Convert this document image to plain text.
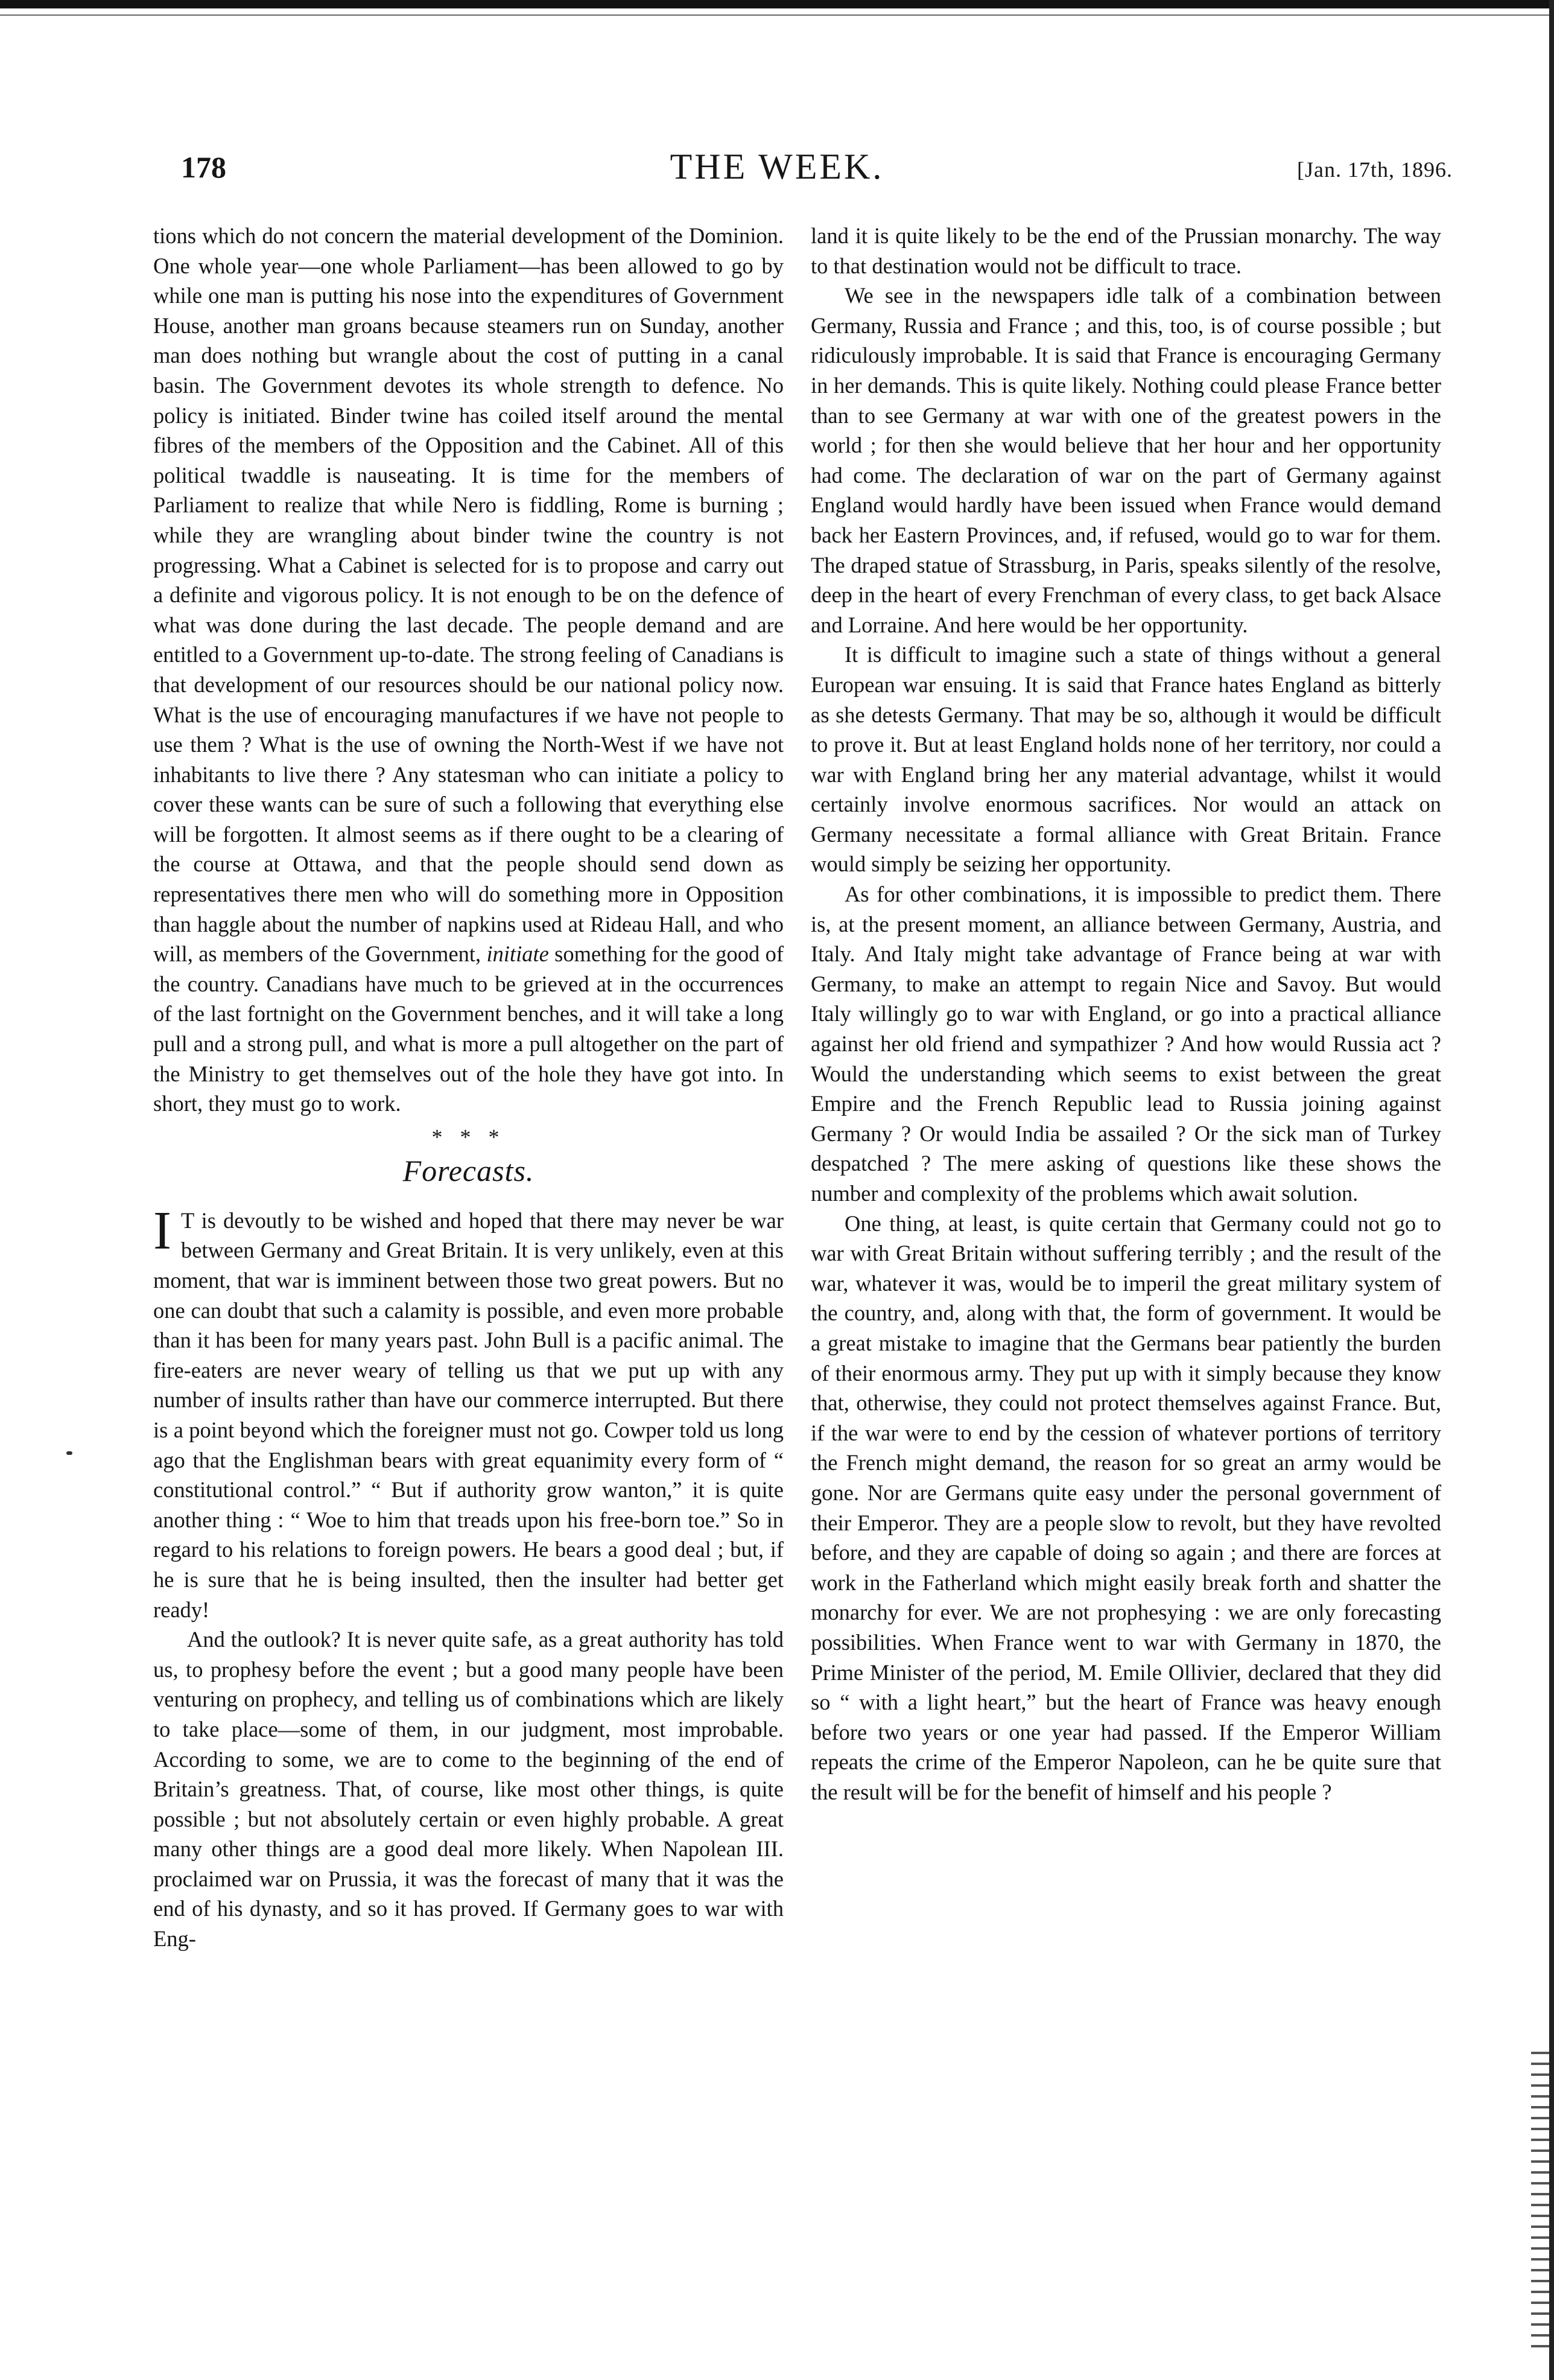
178	THE WEEK.	[Jan. 17th, 1896.

tions which do not concern the material development of the Dominion. One whole year—one whole Parliament—has been allowed to go by while one man is putting his nose into the expenditures of Government House, another man groans because steamers run on Sunday, another man does nothing but wrangle about the cost of putting in a canal basin. The Government devotes its whole strength to defence. No policy is initiated. Binder twine has coiled itself around the mental fibres of the members of the Opposition and the Cabinet. All of this political twaddle is nauseating. It is time for the members of Parliament to realize that while Nero is fiddling, Rome is burning ; while they are wrangling about binder twine the country is not progressing. What a Cabinet is selected for is to propose and carry out a definite and vigorous policy. It is not enough to be on the defence of what was done during the last decade. The people demand and are entitled to a Government up-to-date. The strong feeling of Canadians is that development of our resources should be our national policy now. What is the use of encouraging manufactures if we have not people to use them ? What is the use of owning the North-West if we have not inhabitants to live there ? Any statesman who can initiate a policy to cover these wants can be sure of such a following that everything else will be forgotten. It almost seems as if there ought to be a clearing of the course at Ottawa, and that the people should send down as representatives there men who will do something more in Opposition than haggle about the number of napkins used at Rideau Hall, and who will, as members of the Government, initiate something for the good of the country. Canadians have much to be grieved at in the occurrences of the last fortnight on the Government benches, and it will take a long pull and a strong pull, and what is more a pull altogether on the part of the Ministry to get themselves out of the hole they have got into. In short, they must go to work.

* * *
Forecasts.

I T is devoutly to be wished and hoped that there may never be war between Germany and Great Britain. It is very unlikely, even at this moment, that war is imminent between those two great powers. But no one can doubt that such a calamity is possible, and even more probable than it has been for many years past. John Bull is a pacific animal. The fire-eaters are never weary of telling us that we put up with any number of insults rather than have our commerce interrupted. But there is a point beyond which the foreigner must not go. Cowper told us long ago that the Englishman bears with great equanimity every form of “ constitutional control.” “ But if authority grow wanton,” it is quite another thing : “ Woe to him that treads upon his free-born toe.” So in regard to his relations to foreign powers. He bears a good deal ; but, if he is sure that he is being insulted, then the insulter had better get ready!

And the outlook? It is never quite safe, as a great authority has told us, to prophesy before the event ; but a good many people have been venturing on prophecy, and telling us of combinations which are likely to take place—some of them, in our judgment, most improbable. According to some, we are to come to the beginning of the end of Britain’s greatness. That, of course, like most other things, is quite possible ; but not absolutely certain or even highly probable. A great many other things are a good deal more likely. When Napolean III. proclaimed war on Prussia, it was the forecast of many that it was the end of his dynasty, and so it has proved. If Germany goes to war with Eng-

land it is quite likely to be the end of the Prussian monarchy. The way to that destination would not be difficult to trace.

We see in the newspapers idle talk of a combination between Germany, Russia and France ; and this, too, is of course possible ; but ridiculously improbable. It is said that France is encouraging Germany in her demands. This is quite likely. Nothing could please France better than to see Germany at war with one of the greatest powers in the world ; for then she would believe that her hour and her opportunity had come. The declaration of war on the part of Germany against England would hardly have been issued when France would demand back her Eastern Provinces, and, if refused, would go to war for them. The draped statue of Strassburg, in Paris, speaks silently of the resolve, deep in the heart of every Frenchman of every class, to get back Alsace and Lorraine. And here would be her opportunity.

It is difficult to imagine such a state of things without a general European war ensuing. It is said that France hates England as bitterly as she detests Germany. That may be so, although it would be difficult to prove it. But at least England holds none of her territory, nor could a war with England bring her any material advantage, whilst it would certainly involve enormous sacrifices. Nor would an attack on Germany necessitate a formal alliance with Great Britain. France would simply be seizing her opportunity.

As for other combinations, it is impossible to predict them. There is, at the present moment, an alliance between Germany, Austria, and Italy. And Italy might take advantage of France being at war with Germany, to make an attempt to regain Nice and Savoy. But would Italy willingly go to war with England, or go into a practical alliance against her old friend and sympathizer ? And how would Russia act ? Would the understanding which seems to exist between the great Empire and the French Republic lead to Russia joining against Germany ? Or would India be assailed ? Or the sick man of Turkey despatched ? The mere asking of questions like these shows the number and complexity of the problems which await solution.

One thing, at least, is quite certain that Germany could not go to war with Great Britain without suffering terribly ; and the result of the war, whatever it was, would be to imperil the great military system of the country, and, along with that, the form of government. It would be a great mistake to imagine that the Germans bear patiently the burden of their enormous army. They put up with it simply because they know that, otherwise, they could not protect themselves against France. But, if the war were to end by the cession of whatever portions of territory the French might demand, the reason for so great an army would be gone. Nor are Germans quite easy under the personal government of their Emperor. They are a people slow to revolt, but they have revolted before, and they are capable of doing so again ; and there are forces at work in the Fatherland which might easily break forth and shatter the monarchy for ever. We are not prophesying : we are only forecasting possibilities. When France went to war with Germany in 1870, the Prime Minister of the period, M. Emile Ollivier, declared that they did so “ with a light heart,” but the heart of France was heavy enough before two years or one year had passed. If the Emperor William repeats the crime of the Emperor Napoleon, can he be quite sure that the result will be for the benefit of himself and his people ?
